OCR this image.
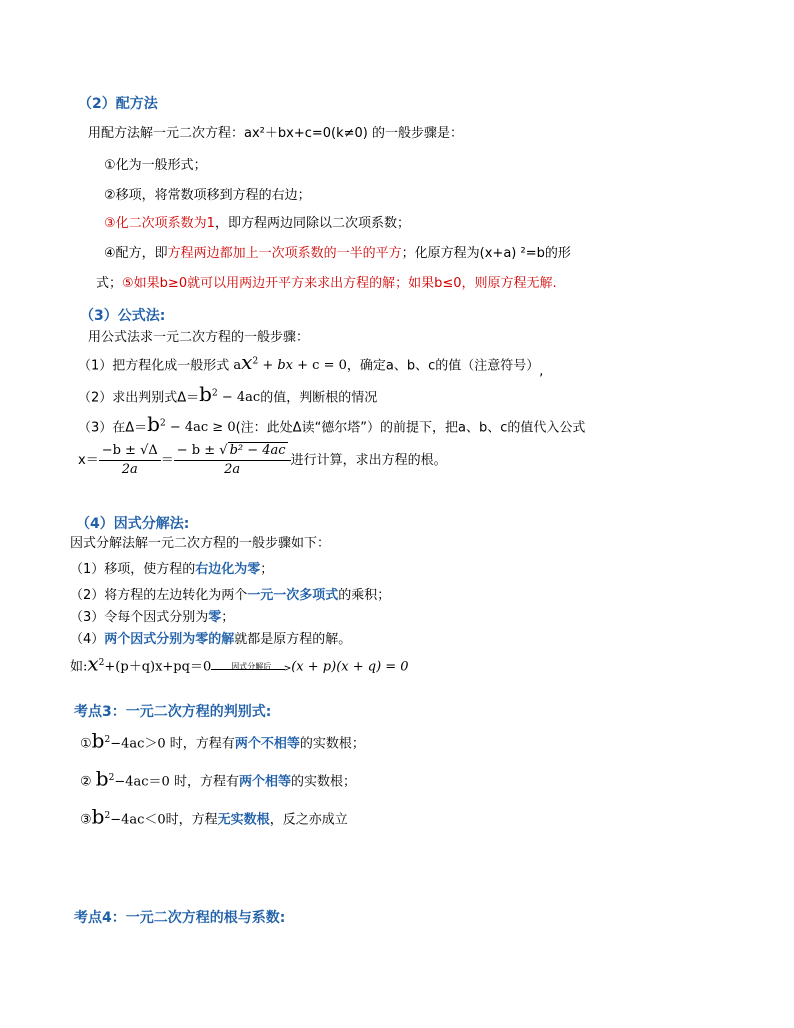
（2）配方法
用配方法解一元二次方程：ax²＋bx+c=0(k≠0) 的一般步骤是：
①化为一般形式；
②移项，将常数项移到方程的右边；
③化二次项系数为1，即方程两边同除以二次项系数；
④配方，即方程两边都加上一次项系数的一半的平方；化原方程为(x+a) ²=b的形
式；⑤如果b≥0就可以用两边开平方来求出方程的解；如果b≤0，则原方程无解.
（3）公式法:
用公式法求一元二次方程的一般步骤：
（1）把方程化成一般形式 $ax^2$ + bx + c = 0，确定a、b、c的值（注意符号）,
（2）求出判别式$\Delta=b^2 - 4ac$的值，判断根的情况
（3）在$\Delta=b^2 - 4ac \ge 0$(注：此处Δ读“德尔塔”）的前提下，把a、b、c的值代入公式
$x= \frac{-b \pm √\Delta}{2a} = \frac{\text{− b ± √ b² − 4ac}}{2a}$ 进行计算，求出方程的根。
（4）因式分解法:
因式分解法解一元二次方程的一般步骤如下：
（1）移项，使方程的右边化为零；
（2）将方程的左边转化为两个一元一次多项式的乘积；
（3）令每个因式分别为零；
（4）两个因式分别为零的解就都是原方程的解。
如$:x^2+(p+q)x+pq=0$	因式分解后	> (x + p)(x + q) = 0
考点3：一元二次方程的判别式:
$①b^2-4ac>0$ 时，方程有两个不相等的实数根；
② $b^2-4ac=0$ 时，方程有两个相等的实数根；
$③b^2-4ac<0$时，方程无实数根，反之亦成立
考点4：一元二次方程的根与系数:
